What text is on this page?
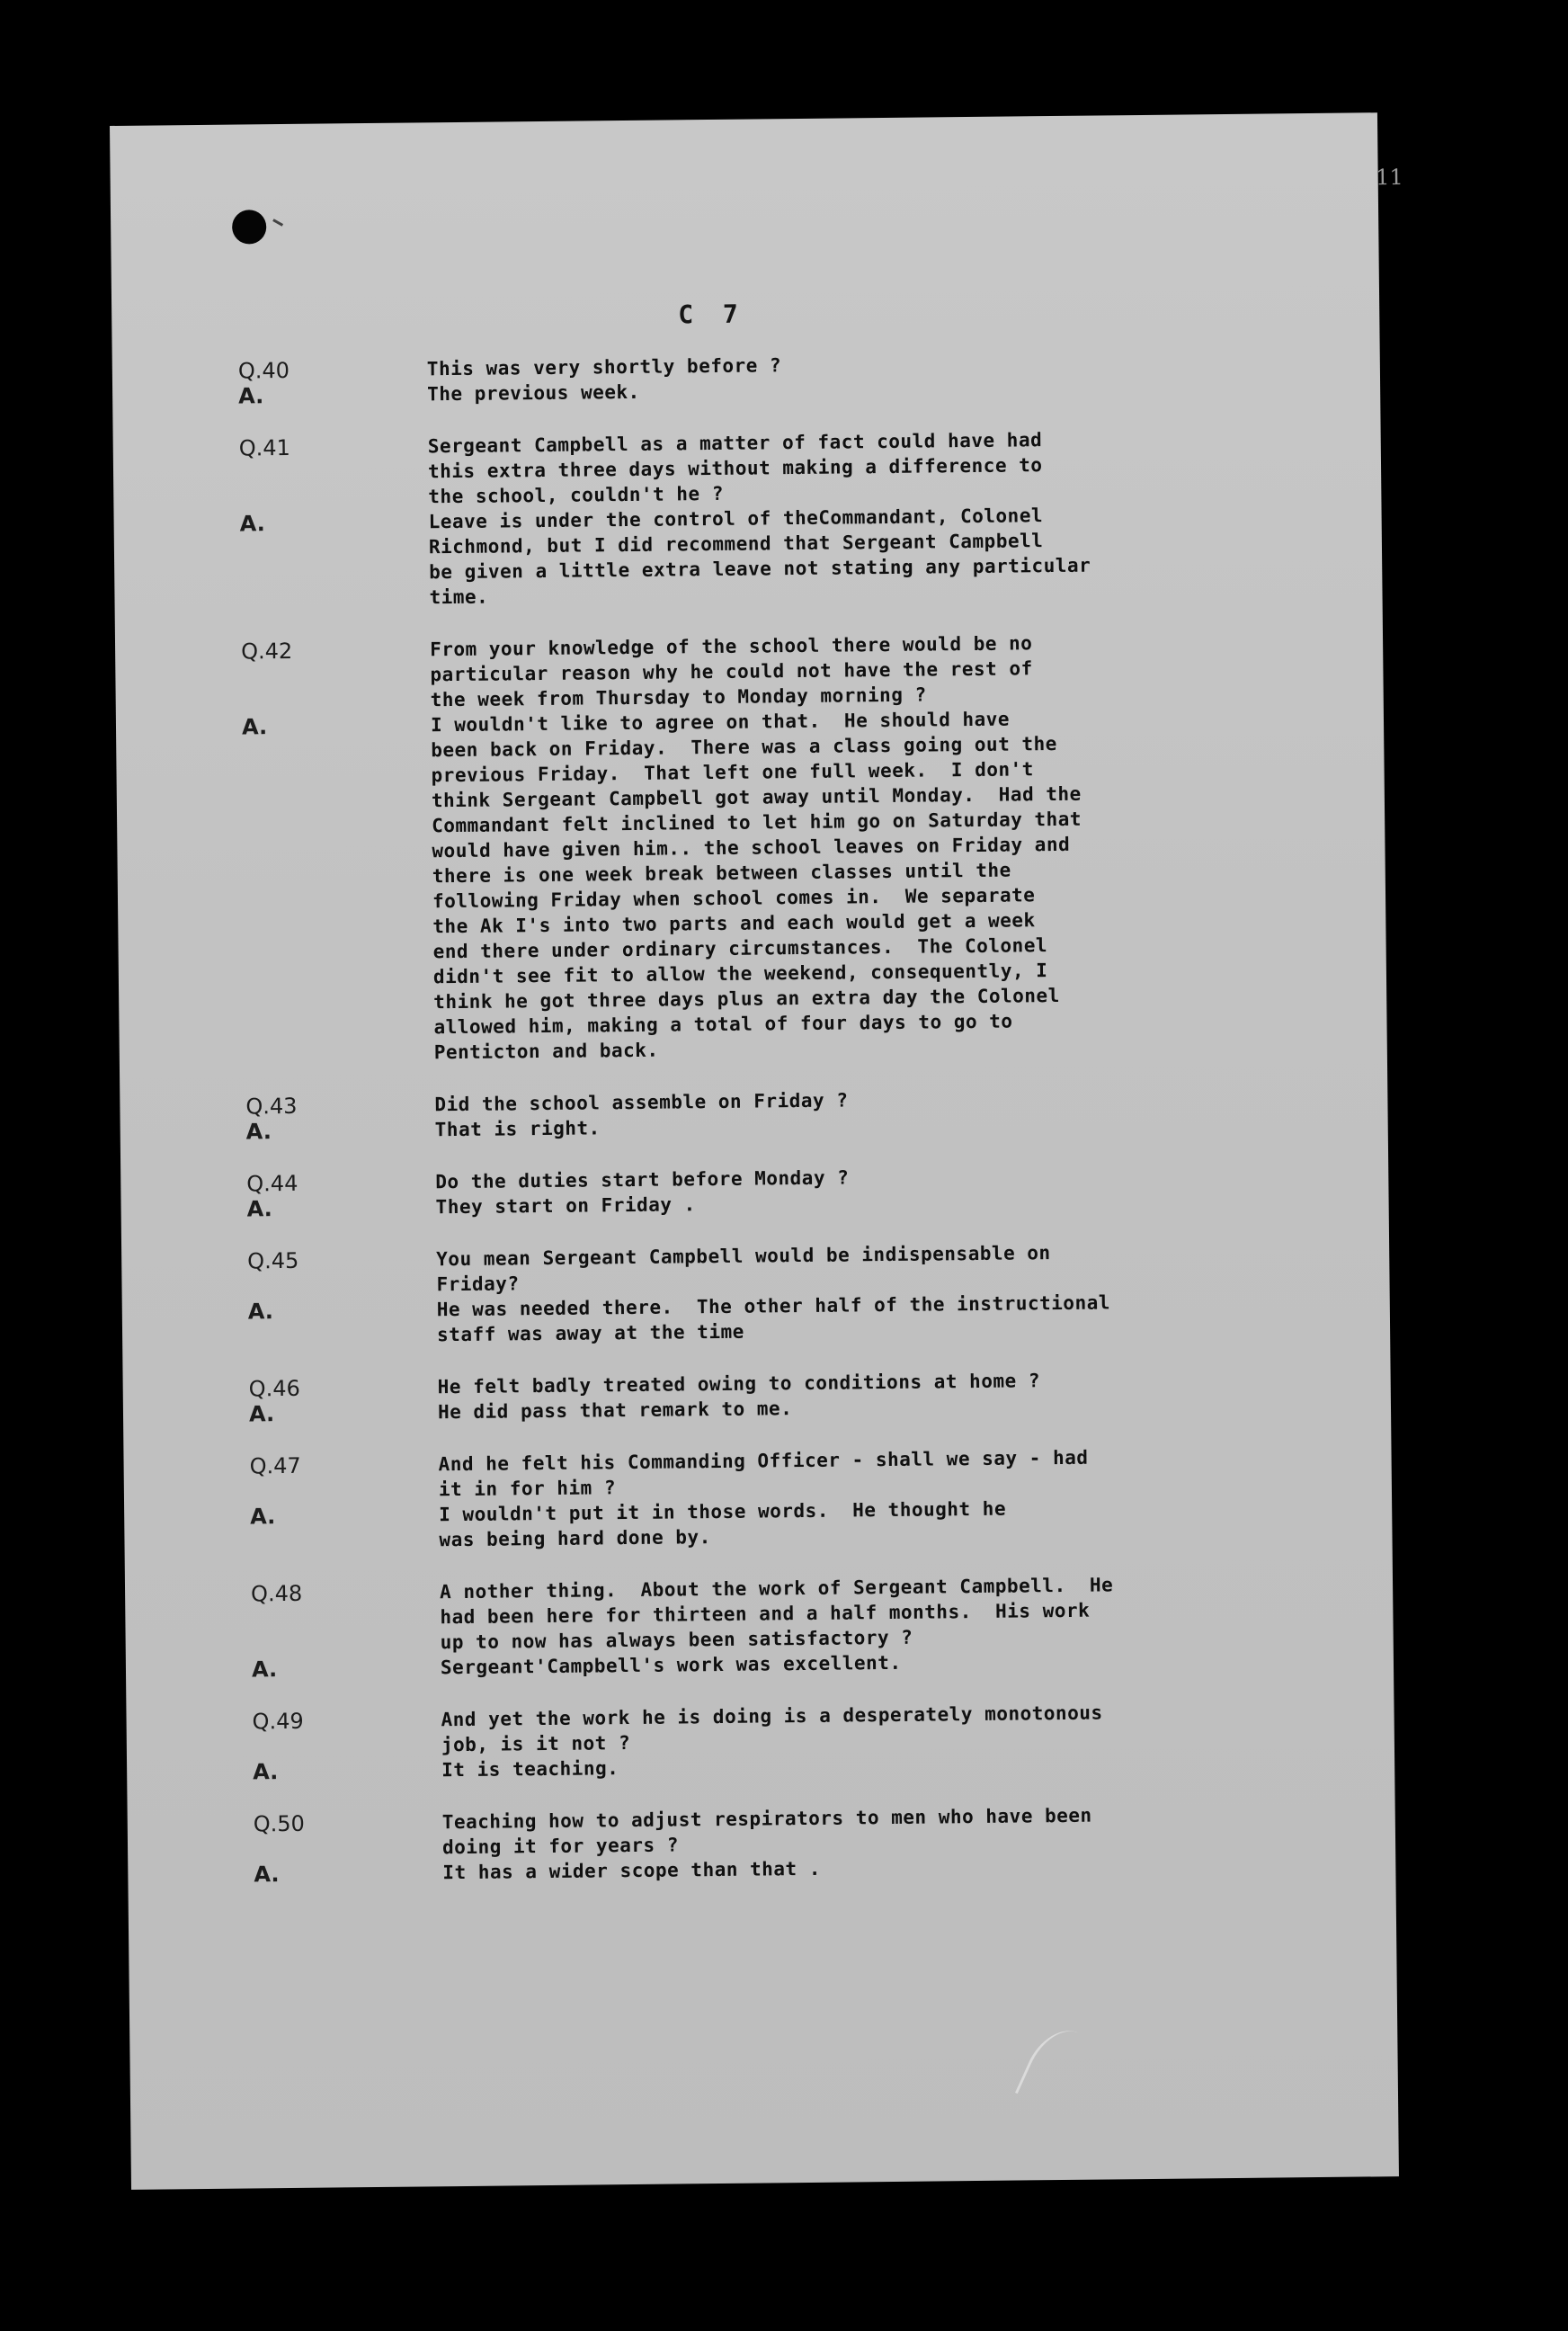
11
C 7
Q.40
A.
This was very shortly before ?
The previous week.
Q.41

A.

Sergeant Campbell as a matter of fact could have had
this extra three days without making a difference to
the school, couldn't he ?
Leave is under the control of theCommandant, Colonel
Richmond, but I did recommend that Sergeant Campbell
be given a little extra leave not stating any particular
time.
Q.42

A.

From your knowledge of the school there would be no
particular reason why he could not have the rest of
the week from Thursday to Monday morning ?
I wouldn't like to agree on that.  He should have
been back on Friday.  There was a class going out the
previous Friday.  That left one full week.  I don't
think Sergeant Campbell got away until Monday.  Had the
Commandant felt inclined to let him go on Saturday that
would have given him.. the school leaves on Friday and
there is one week break between classes until the
following Friday when school comes in.  We separate
the Ak I's into two parts and each would get a week
end there under ordinary circumstances.  The Colonel
didn't see fit to allow the weekend, consequently, I
think he got three days plus an extra day the Colonel
allowed him, making a total of four days to go to
Penticton and back.
Q.43
A.
Did the school assemble on Friday ?
That is right.
Q.44
A.
Do the duties start before Monday ?
They start on Friday .
Q.45

A.

You mean Sergeant Campbell would be indispensable on
Friday?
He was needed there.  The other half of the instructional
staff was away at the time
Q.46
A.
He felt badly treated owing to conditions at home ?
He did pass that remark to me.
Q.47

A.

And he felt his Commanding Officer - shall we say - had
it in for him ?
I wouldn't put it in those words.  He thought he
was being hard done by.
Q.48

A.
A nother thing.  About the work of Sergeant Campbell.  He
had been here for thirteen and a half months.  His work
up to now has always been satisfactory ?
Sergeant'Campbell's work was excellent.
Q.49

A.
And yet the work he is doing is a desperately monotonous
job, is it not ?
It is teaching.
Q.50

A.
Teaching how to adjust respirators to men who have been
doing it for years ?
It has a wider scope than that .
